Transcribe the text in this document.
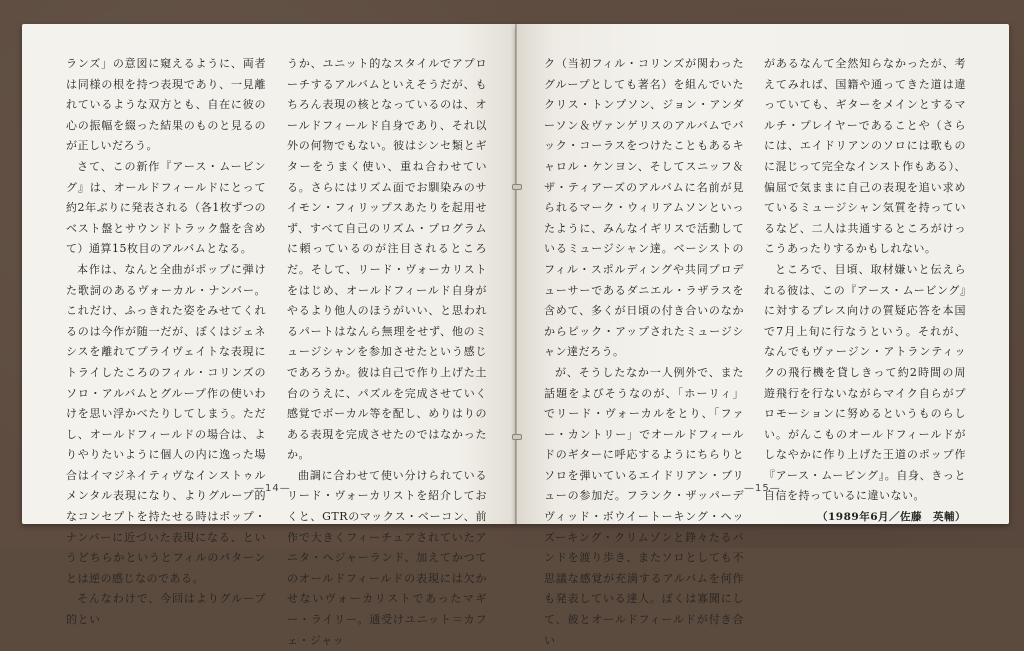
ランズ」の意図に窺えるように、両者は同様の根を持つ表現であり、一見離れているような双方とも、自在に彼の心の振幅を綴った結果のものと見るのが正しいだろう。

さて、この新作『アース・ムービング』は、オールドフィールドにとって約2年ぶりに発表される（各1枚ずつのベスト盤とサウンドトラック盤を含めて）通算15枚目のアルバムとなる。

本作は、なんと全曲がポップに弾けた歌詞のあるヴォーカル・ナンバー。これだけ、ふっきれた姿をみせてくれるのは今作が随一だが、ぼくはジェネシスを離れてプライヴェイトな表現にトライしたころのフィル・コリンズのソロ・アルバムとグループ作の使いわけを思い浮かべたりしてしまう。ただし、オールドフィールドの場合は、よりやりたいように個人の内に逸った場合はイマジネイティヴなインストゥルメンタル表現になり、よりグループ的なコンセプトを持たせる時はポップ・ナンバーに近づいた表現になる、というどちらかというとフィルのパターンとは逆の感じなのである。

そんなわけで、今回はよりグループ的とい

うか、ユニット的なスタイルでアプローチするアルバムといえそうだが、もちろん表現の核となっているのは、オールドフィールド自身であり、それ以外の何物でもない。彼はシンセ類とギターをうまく使い、重ね合わせている。さらにはリズム面でお馴染みのサイモン・フィリップスあたりを起用せず、すべて自己のリズム・プログラムに頼っているのが注目されるところだ。そして、リード・ヴォーカリストをはじめ、オールドフィールド自身がやるより他人のほうがいい、と思われるパートはなんら無理をせず、他のミュージシャンを参加させたという感じであろうか。彼は自己で作り上げた土台のうえに、パズルを完成させていく感覚でボーカル等を配し、めりはりのある表現を完成させたのではなかったか。

曲調に合わせて使い分けられているリード・ヴォーカリストを紹介しておくと、GTRのマックス・ベーコン、前作で大きくフィーチュアされていたアニタ・ヘジャーランド、加えてかつてのオールドフィールドの表現には欠かせないヴォーカリストであったマギー・ライリー。通受けユニット＝カフェ・ジャッ

—14—

ク（当初フィル・コリンズが関わったグループとしても著名）を組んでいたクリス・トンプソン、ジョン・アンダーソン＆ヴァンゲリスのアルバムでバック・コーラスをつけたこともあるキャロル・ケンヨン、そしてスニッフ＆ザ・ティアーズのアルバムに名前が見られるマーク・ウィリアムソンといったように、みんなイギリスで活動しているミュージシャン達。ベーシストのフィル・スポルディングや共同プロデューサーであるダニエル・ラザラスを含めて、多くが日頃の付き合いのなかからピック・アップされたミュージシャン達だろう。

が、そうしたなか一人例外で、また話題をよびそうなのが、「ホーリィ」でリード・ヴォーカルをとり、「ファー・カントリー」でオールドフィールドのギターに呼応するようにちらりとソロを弾いているエイドリアン・ブリューの参加だ。フランク・ザッパーデヴィッド・ボウイートーキング・ヘッズーキング・クリムゾンと錚々たるバンドを渡り歩き、またソロとしても不思議な感覚が充満するアルバムを何作も発表している達人。ぼくは寡聞にして、彼とオールドフィールドが付き合い

があるなんて全然知らなかったが、考えてみれば、国籍や通ってきた道は違っていても、ギターをメインとするマルチ・プレイヤーであることや（さらには、エイドリアンのソロには歌ものに混じって完全なインスト作もある）、偏屈で気ままに自己の表現を追い求めているミュージシャン気質を持っているなど、二人は共通するところがけっこうあったりするかもしれない。

ところで、目頃、取材嫌いと伝えられる彼は、この『アース・ムービング』に対するプレス向けの質疑応答を本国で7月上旬に行なうという。それが、なんでもヴァージン・アトランティックの飛行機を貸しきって約2時間の周遊飛行を行ないながらマイク自らがプロモーションに努めるというものらしい。がんこものオールドフィールドがしなやかに作り上げた王道のポップ作『アース・ムービング』。自身、きっと自信を持っているに違いない。

（1989年6月／佐藤　英輔）

—15—
